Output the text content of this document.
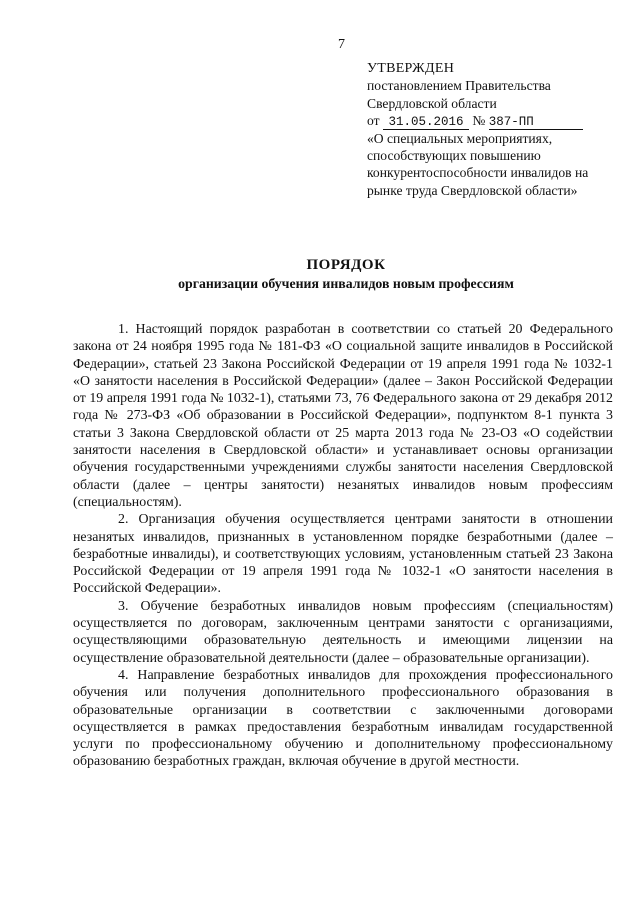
7
УТВЕРЖДЕН
постановлением Правительства
Свердловской области
от 31.05.2016 № 387-ПП
«О специальных мероприятиях, способствующих повышению конкурентоспособности инвалидов на рынке труда Свердловской области»
ПОРЯДОК
организации обучения инвалидов новым профессиям

1. Настоящий порядок разработан в соответствии со статьей 20 Федерального закона от 24 ноября 1995 года № 181-ФЗ «О социальной защите инвалидов в Российской Федерации», статьей 23 Закона Российской Федерации от 19 апреля 1991 года № 1032-1 «О занятости населения в Российской Федерации» (далее – Закон Российской Федерации от 19 апреля 1991 года № 1032-1), статьями 73, 76 Федерального закона от 29 декабря 2012 года № 273-ФЗ «Об образовании в Российской Федерации», подпунктом 8-1 пункта 3 статьи 3 Закона Свердловской области от 25 марта 2013 года № 23-ОЗ «О содействии занятости населения в Свердловской области» и устанавливает основы организации обучения государственными учреждениями службы занятости населения Свердловской области (далее – центры занятости) незанятых инвалидов новым профессиям (специальностям).

2. Организация обучения осуществляется центрами занятости в отношении незанятых инвалидов, признанных в установленном порядке безработными (далее – безработные инвалиды), и соответствующих условиям, установленным статьей 23 Закона Российской Федерации от 19 апреля 1991 года № 1032-1 «О занятости населения в Российской Федерации».

3. Обучение безработных инвалидов новым профессиям (специальностям) осуществляется по договорам, заключенным центрами занятости с организациями, осуществляющими образовательную деятельность и имеющими лицензии на осуществление образовательной деятельности (далее – образовательные организации).

4. Направление безработных инвалидов для прохождения профессионального обучения или получения дополнительного профессионального образования в образовательные организации в соответствии с заключенными договорами осуществляется в рамках предоставления безработным инвалидам государственной услуги по профессиональному обучению и дополнительному профессиональному образованию безработных граждан, включая обучение в другой местности.
